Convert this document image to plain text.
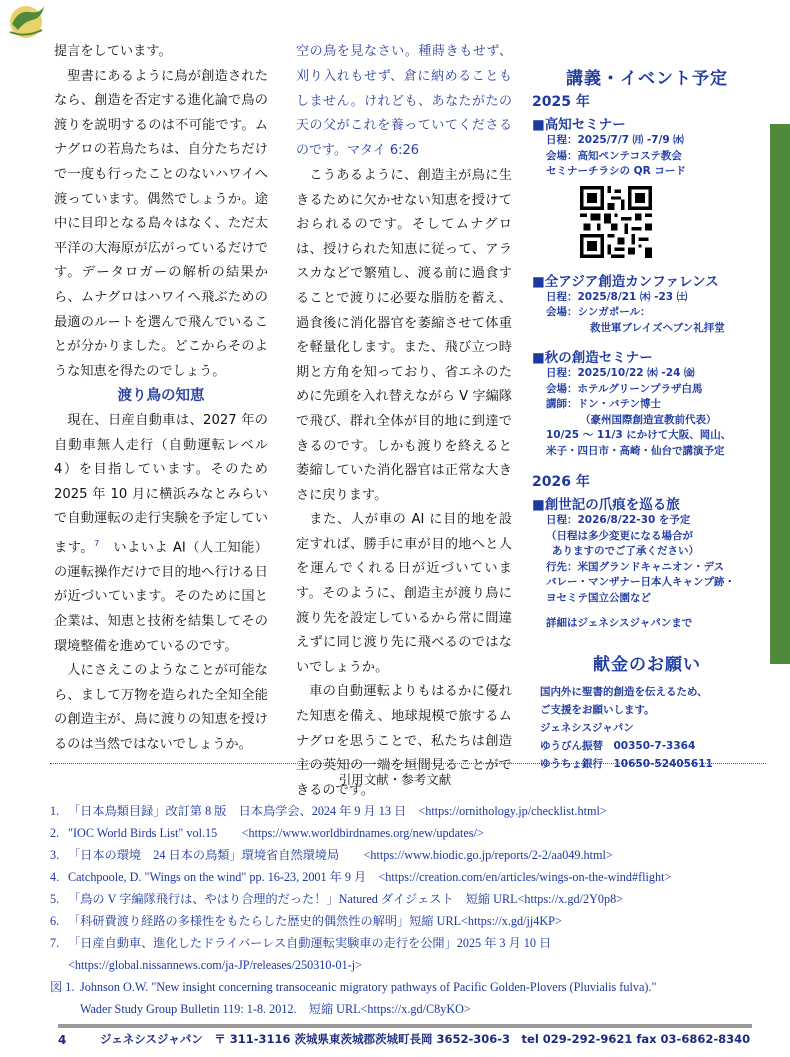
提言をしています。

聖書にあるように鳥が創造されたなら、創造を否定する進化論で鳥の渡りを説明するのは不可能です。ムナグロの若鳥たちは、自分たちだけで一度も行ったことのないハワイへ渡っています。偶然でしょうか。途中に目印となる島々はなく、ただ太平洋の大海原が広がっているだけです。データロガーの解析の結果から、ムナグロはハワイへ飛ぶための最適のルートを選んで飛んでいることが分かりました。どこからそのような知恵を得たのでしょう。

渡り鳥の知恵

現在、日産自動車は、2027 年の自動車無人走行（自動運転レベル 4）を目指しています。そのため 2025 年 10 月に横浜みなとみらいで自動運転の走行実験を予定しています。$^7$　いよいよ AI（人工知能）の運転操作だけで目的地へ行ける日が近づいています。そのために国と企業は、知恵と技術を結集してその環境整備を進めているのです。

人にさえこのようなことが可能なら、まして万物を造られた全知全能の創造主が、鳥に渡りの知恵を授けるのは当然ではないでしょうか。

空の鳥を見なさい。種蒔きもせず、刈り入れもせず、倉に納めることもしません。けれども、あなたがたの天の父がこれを養っていてくださるのです。マタイ 6:26

こうあるように、創造主が鳥に生きるために欠かせない知恵を授けておられるのです。そしてムナグロは、授けられた知恵に従って、アラスカなどで繁殖し、渡る前に過食することで渡りに必要な脂肪を蓄え、過食後に消化器官を萎縮させて体重を軽量化します。また、飛び立つ時期と方角を知っており、省エネのために先頭を入れ替えながら V 字編隊で飛び、群れ全体が目的地に到達できるのです。しかも渡りを終えると萎縮していた消化器官は正常な大きさに戻ります。

また、人が車の AI に目的地を設定すれば、勝手に車が目的地へと人を運んでくれる日が近づいています。そのように、創造主が渡り鳥に渡り先を設定しているから常に間違えずに同じ渡り先に飛べるのではないでしょうか。

車の自動運転よりもはるかに優れた知恵を備え、地球規模で旅するムナグロを思うことで、私たちは創造主の英知の一端を垣間見ることができるのです。

講義・イベント予定
2025 年
■高知セミナー
日程：2025/7/7 ㈪ -7/9 ㈬
会場：高知ペンテコステ教会
セミナーチラシの QR コード
■全アジア創造カンファレンス
日程：2025/8/21 ㈭ -23 ㈯
会場：シンガポール：
救世軍ブレイズヘブン礼拝堂
■秋の創造セミナー
日程：2025/10/22 ㈬ -24 ㈮
会場：ホテルグリーンプラザ白馬
講師：ドン・バテン博士
（豪州国際創造宣教前代表）
10/25 ～ 11/3 にかけて大阪、岡山、
米子・四日市・高崎・仙台で講演予定
2026 年
■創世記の爪痕を巡る旅
日程：2026/8/22-30 を予定
（日程は多少変更になる場合が
ありますのでご了承ください）
行先：米国グランドキャニオン・デス
バレー・マンザナー日本人キャンプ跡・
ヨセミテ国立公園など
詳細はジェネシスジャパンまで
献金のお願い
国内外に聖書的創造を伝えるため、
ご支援をお願いします。
ジェネシスジャパン
ゆうびん振替　00350-7-3364
ゆうちょ銀行　10650-52405611
引用文献・参考文献
1. 「日本鳥類目録」改訂第 8 版　日本鳥学会、2024 年 9 月 13 日　<https://ornithology.jp/checklist.html>
2. "IOC World Birds List" vol.15　　<https://www.worldbirdnames.org/new/updates/>
3. 「日本の環境　24 日本の鳥類」環境省自然環境局　　<https://www.biodic.go.jp/reports/2-2/aa049.html>
4. Catchpoole, D. "Wings on the wind" pp. 16-23, 2001 年 9 月　<https://creation.com/en/articles/wings-on-the-wind#flight>
5. 「鳥の V 字編隊飛行は、やはり合理的だった！」Natured ダイジェスト　短縮 URL<https://x.gd/2Y0p8>
6. 「科研費渡り経路の多様性をもたらした歴史的偶然性の解明」短縮 URL<https://x.gd/jj4KP>
7. 「日産自動車、進化したドライバーレス自動運転実験車の走行を公開」2025 年 3 月 10 日
<https://global.nissannews.com/ja-JP/releases/250310-01-j>
図 1. Johnson O.W. "New insight concerning transoceanic migratory pathways of Pacific Golden-Plovers (Pluvialis fulva)."
Wader Study Group Bulletin 119: 1-8. 2012.　短縮 URL<https://x.gd/C8yKO>
4	ジェネシスジャパン　〒 311-3116 茨城県東茨城郡茨城町長岡 3652-306-3　tel 029-292-9621 fax 03-6862-8340
